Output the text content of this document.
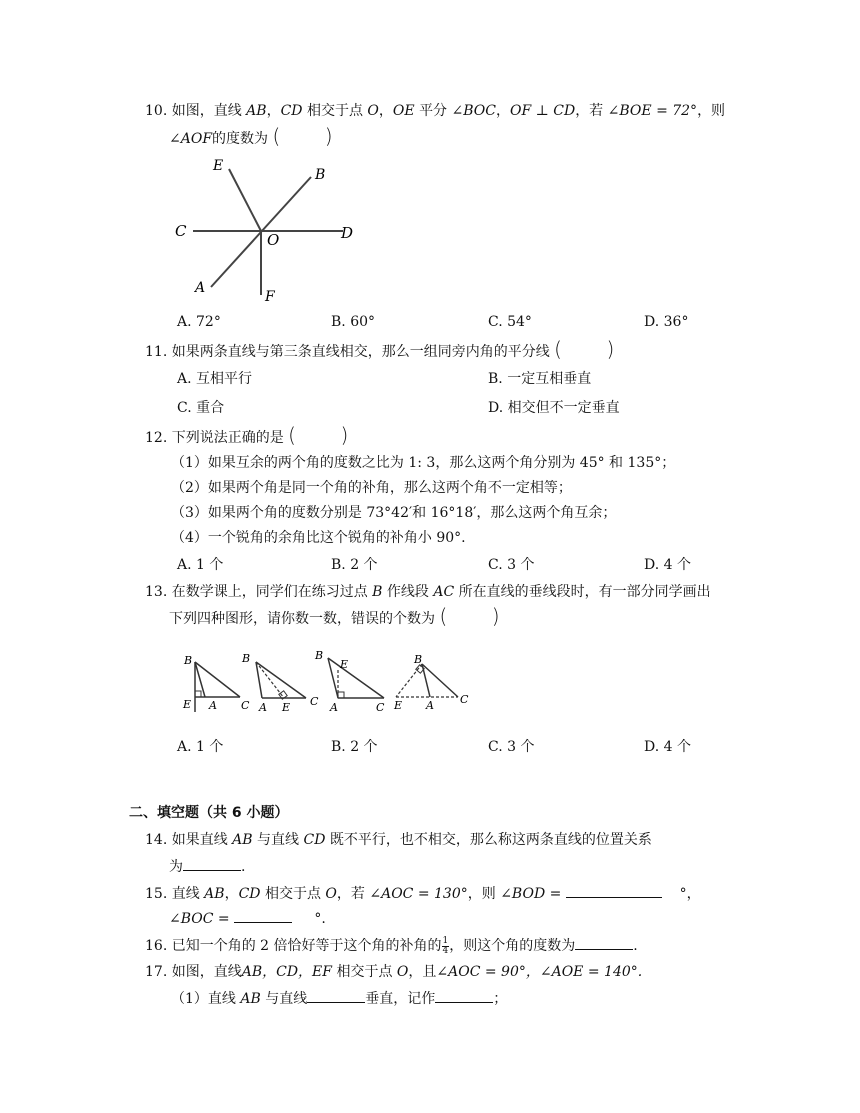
10. 如图，直线 AB，CD 相交于点 O，OE 平分 ∠BOC，OF ⊥ CD，若 ∠BOE = 72°，则
∠AOF的度数为 (       )
E
B
C	O	D
A
F
A. 72°	B. 60°	C. 54°	D. 36°
11. 如果两条直线与第三条直线相交，那么一组同旁内角的平分线 (       )
A. 互相平行	B. 一定互相垂直
C. 重合	D. 相交但不一定垂直
12. 下列说法正确的是 (       )
（1）如果互余的两个角的度数之比为 1: 3，那么这两个角分别为 45° 和 135°；
（2）如果两个角是同一个角的补角，那么这两个角不一定相等；
（3）如果两个角的度数分别是 73°42′和 16°18′，那么这两个角互余；
（4）一个锐角的余角比这个锐角的补角小 90°.
A. 1 个	B. 2 个	C. 3 个	D. 4 个
13. 在数学课上，同学们在练习过点 B 作线段 AC 所在直线的垂线段时，有一部分同学画出
下列四种图形，请你数一数，错误的个数为 (       )
B
E A C
B
A E C
B
E
A	C
B
E A C
A. 1 个	B. 2 个	C. 3 个	D. 4 个
二、填空题（共 6 小题）
14. 如果直线 AB 与直线 CD 既不平行，也不相交，那么称这两条直线的位置关系
为	.
15. 直线 AB，CD 相交于点 O，若 ∠AOC = 130°，则 ∠BOD =	°，
∠BOC =	°.
16. 已知一个角的 2 倍恰好等于这个角的补角的 $\frac{1}{4}$ ，则这个角的度数为	.
17. 如图，直线AB，CD，EF 相交于点 O，且∠AOC = 90°，∠AOE = 140°.
（1）直线 AB 与直线	垂直，记作	；
